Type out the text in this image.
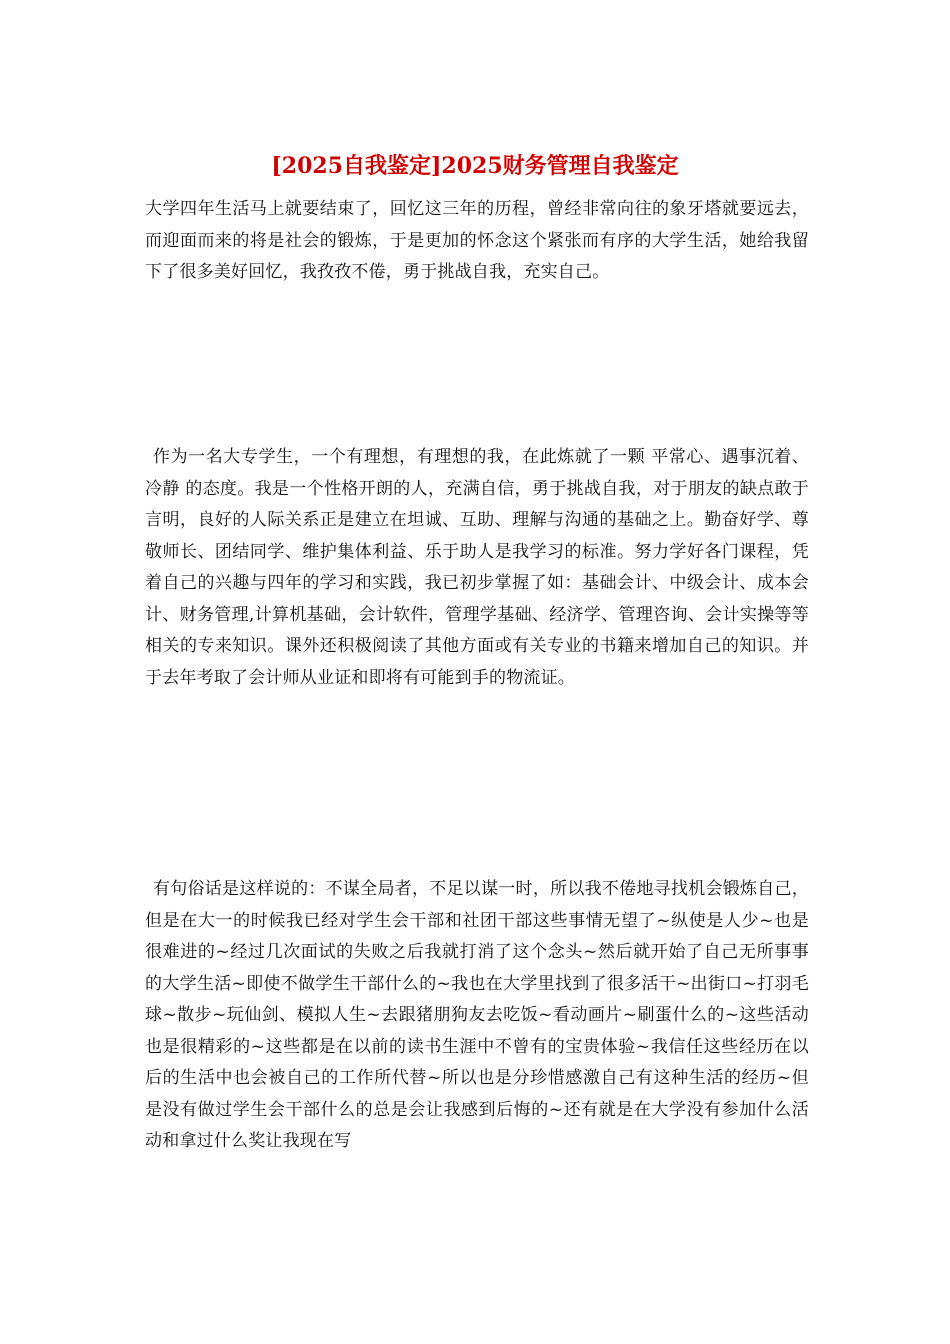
[2025自我鉴定]2025财务管理自我鉴定

大学四年生活马上就要结束了，回忆这三年的历程，曾经非常向往的象牙塔就要远去，而迎面而来的将是社会的锻炼，于是更加的怀念这个紧张而有序的大学生活，她给我留下了很多美好回忆，我孜孜不倦，勇于挑战自我，充实自己。

作为一名大专学生，一个有理想，有理想的我，在此炼就了一颗 平常心、遇事沉着、冷静 的态度。我是一个性格开朗的人，充满自信，勇于挑战自我，对于朋友的缺点敢于言明，良好的人际关系正是建立在坦诚、互助、理解与沟通的基础之上。勤奋好学、尊敬师长、团结同学、维护集体利益、乐于助人是我学习的标准。努力学好各门课程，凭着自己的兴趣与四年的学习和实践，我已初步掌握了如：基础会计、中级会计、成本会计、财务管理,计算机基础，会计软件，管理学基础、经济学、管理咨询、会计实操等等相关的专来知识。课外还积极阅读了其他方面或有关专业的书籍来增加自己的知识。并于去年考取了会计师从业证和即将有可能到手的物流证。

有句俗话是这样说的：不谋全局者，不足以谋一时，所以我不倦地寻找机会锻炼自己，但是在大一的时候我已经对学生会干部和社团干部这些事情无望了~纵使是人少~也是很难进的~经过几次面试的失败之后我就打消了这个念头~然后就开始了自己无所事事的大学生活~即使不做学生干部什么的~我也在大学里找到了很多活干~出街口~打羽毛球~散步~玩仙剑、模拟人生~去跟猪朋狗友去吃饭~看动画片~刷蛋什么的~这些活动也是很精彩的~这些都是在以前的读书生涯中不曾有的宝贵体验~我信任这些经历在以后的生活中也会被自己的工作所代替~所以也是分珍惜感激自己有这种生活的经历~但是没有做过学生会干部什么的总是会让我感到后悔的~还有就是在大学没有参加什么活动和拿过什么奖让我现在写
